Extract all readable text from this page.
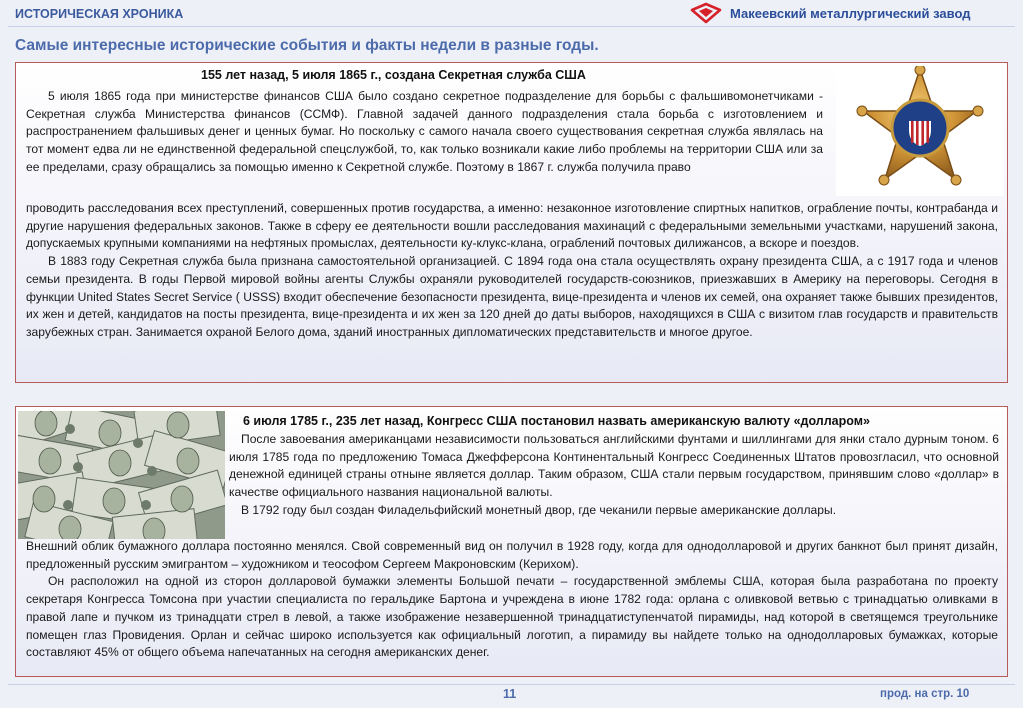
ИСТОРИЧЕСКАЯ ХРОНИКА	Макеевский металлургический завод
Самые интересные исторические события и факты недели в разные годы.
155 лет назад, 5 июля 1865 г., создана Секретная служба США

5 июля 1865 года при министерстве финансов США было создано секретное подразделение для борьбы с фальшивомонетчиками - Секретная служба Министерства финансов (ССМФ). Главной задачей данного подразделения стала борьба с изготовлением и распространением фальшивых денег и ценных бумаг. Но поскольку с самого начала своего существования секретная служба являлась на тот момент едва ли не единственной федеральной спецслужбой, то, как только возникали какие либо проблемы на территории США или за ее пределами, сразу обращались за помощью именно к Секретной службе. Поэтому в 1867 г. служба получила право

проводить расследования всех преступлений, совершенных против государства, а именно: незаконное изготовление спиртных напитков, ограбление почты, контрабанда и другие нарушения федеральных законов. Также в сферу ее деятельности вошли расследования махинаций с федеральными земельными участками, нарушений закона, допускаемых крупными компаниями на нефтяных промыслах, деятельности ку-клукс-клана, ограблений почтовых дилижансов, а вскоре и поездов.

В 1883 году Секретная служба была признана самостоятельной организацией. С 1894 года она стала осуществлять охрану президента США, а с 1917 года и членов семьи президента. В годы Первой мировой войны агенты Службы охраняли руководителей государств-союзников, приезжавших в Америку на переговоры. Сегодня в функции United States Secret Service ( USSS) входит обеспечение безопасности президента, вице-президента и членов их семей, она охраняет также бывших президентов, их жен и детей, кандидатов на посты президента, вице-президента и их жен за 120 дней до даты выборов, находящихся в США с визитом глав государств и правительств зарубежных стран. Занимается охраной Белого дома, зданий иностранных дипломатических представительств и многое другое.

6 июля 1785 г., 235 лет назад, Конгресс США постановил назвать американскую валюту «долларом»

После завоевания американцами независимости пользоваться английскими фунтами и шиллингами для янки стало дурным тоном. 6 июля 1785 года по предложению Томаса Джефферсона Континентальный Конгресс Соединенных Штатов провозгласил, что основной денежной единицей страны отныне является доллар. Таким образом, США стали первым государством, принявшим слово «доллар» в качестве официального названия национальной валюты.

В 1792 году был создан Филадельфийский монетный двор, где чеканили первые американские доллары.

Внешний облик бумажного доллара постоянно менялся. Свой современный вид он получил в 1928 году, когда для однодолларовой и других банкнот был принят дизайн, предложенный русским эмигрантом – художником и теософом Сергеем Макроновским (Керихом).

Он расположил на одной из сторон долларовой бумажки элементы Большой печати – государственной эмблемы США, которая была разработана по проекту секретаря Конгресса Томсона при участии специалиста по геральдике Бартона и учреждена в июне 1782 года: орлана с оливковой ветвью с тринадцатью оливками в правой лапе и пучком из тринадцати стрел в левой, а также изображение незавершенной тринадцатиступенчатой пирамиды, над которой в светящемся треугольнике помещен глаз Провидения. Орлан и сейчас широко используется как официальный логотип, а пирамиду вы найдете только на однодолларовых бумажках, которые составляют 45% от общего объема напечатанных на сегодня американских денег.

11	прод. на стр. 10
